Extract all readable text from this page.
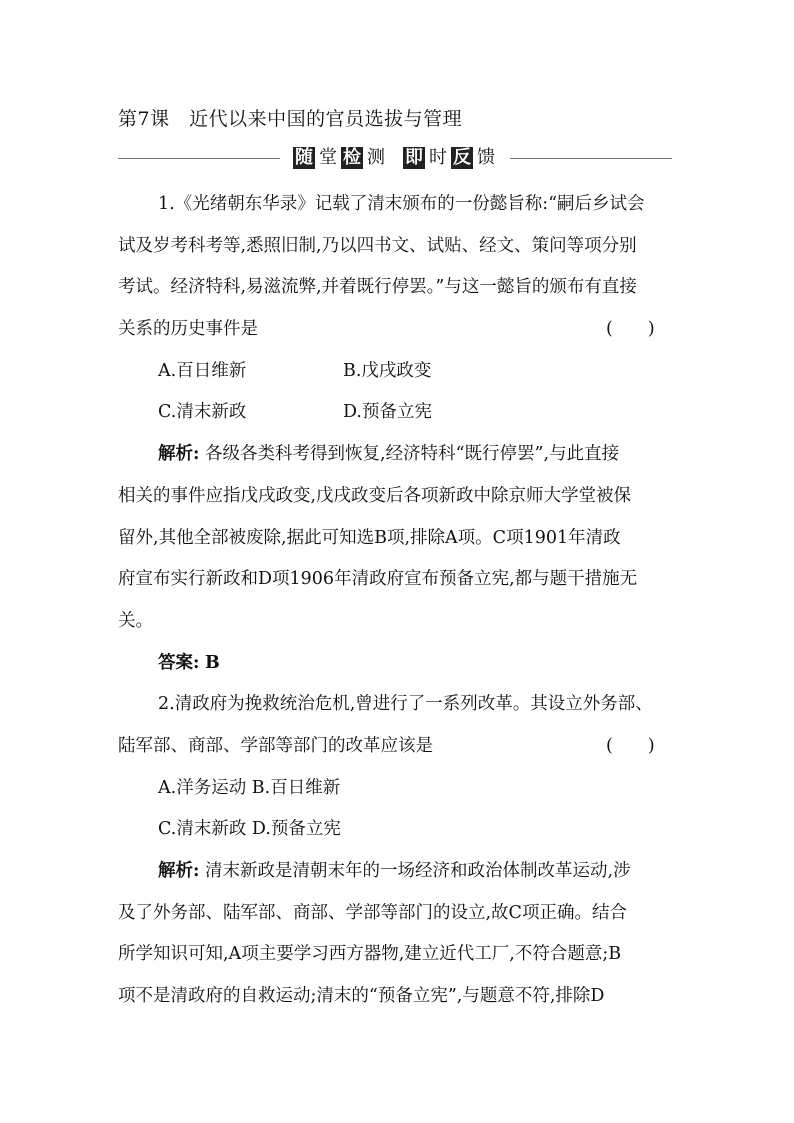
第7课　近代以来中国的官员选拔与管理
随 堂 检 测 即 时 反 馈
1.《光绪朝东华录》记载了清末颁布的一份懿旨称:“嗣后乡试会
试及岁考科考等,悉照旧制,乃以四书文、试贴、经文、策问等项分别
考试。经济特科,易滋流弊,并着既行停罢。”与这一懿旨的颁布有直接
关系的历史事件是	(　　)
A.百日维新	B.戊戌政变
C.清末新政	D.预备立宪
解析: 各级各类科考得到恢复,经济特科“既行停罢”,与此直接
相关的事件应指戊戌政变,戊戌政变后各项新政中除京师大学堂被保
留外,其他全部被废除,据此可知选B项,排除A项。C项1901年清政
府宣布实行新政和D项1906年清政府宣布预备立宪,都与题干措施无
关。
答案: B
2.清政府为挽救统治危机,曾进行了一系列改革。其设立外务部、
陆军部、商部、学部等部门的改革应该是	(　　)
A.洋务运动 B.百日维新
C.清末新政 D.预备立宪
解析: 清末新政是清朝末年的一场经济和政治体制改革运动,涉
及了外务部、陆军部、商部、学部等部门的设立,故C项正确。结合
所学知识可知,A项主要学习西方器物,建立近代工厂,不符合题意;B
项不是清政府的自救运动;清末的“预备立宪”,与题意不符,排除D
